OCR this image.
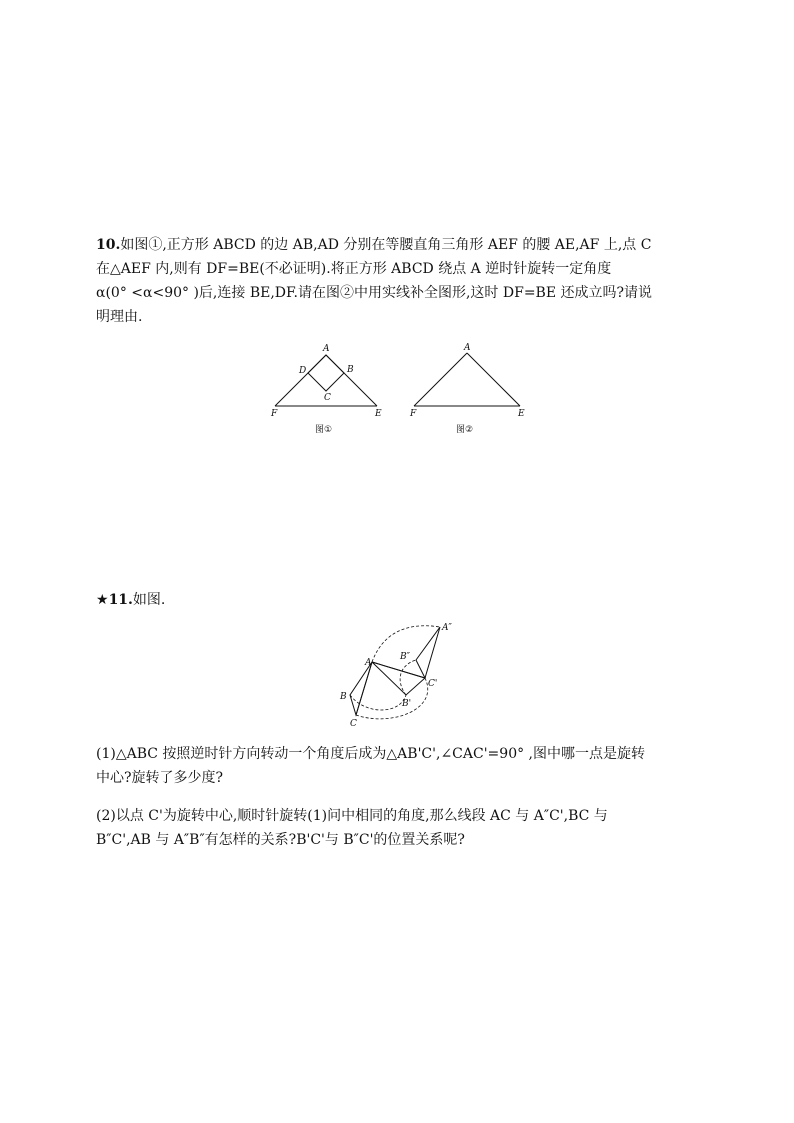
10.如图①,正方形 ABCD 的边 AB,AD 分别在等腰直角三角形 AEF 的腰 AE,AF 上,点 C
在△AEF 内,则有 DF=BE(不必证明).将正方形 ABCD 绕点 A 逆时针旋转一定角度
α(0° <α<90° )后,连接 BE,DF.请在图②中用实线补全图形,这时 DF=BE 还成立吗?请说
明理由.
A
B
C
D
E
F
图①
A
E
F
图②
★11.如图.
A
B
C
B'
C'
A″
B″
(1)△ABC 按照逆时针方向转动一个角度后成为△AB'C',∠CAC'=90° ,图中哪一点是旋转
中心?旋转了多少度?
(2)以点 C'为旋转中心,顺时针旋转(1)问中相同的角度,那么线段 AC 与 A″C',BC 与
B″C',AB 与 A″B″有怎样的关系?B'C'与 B″C'的位置关系呢?
